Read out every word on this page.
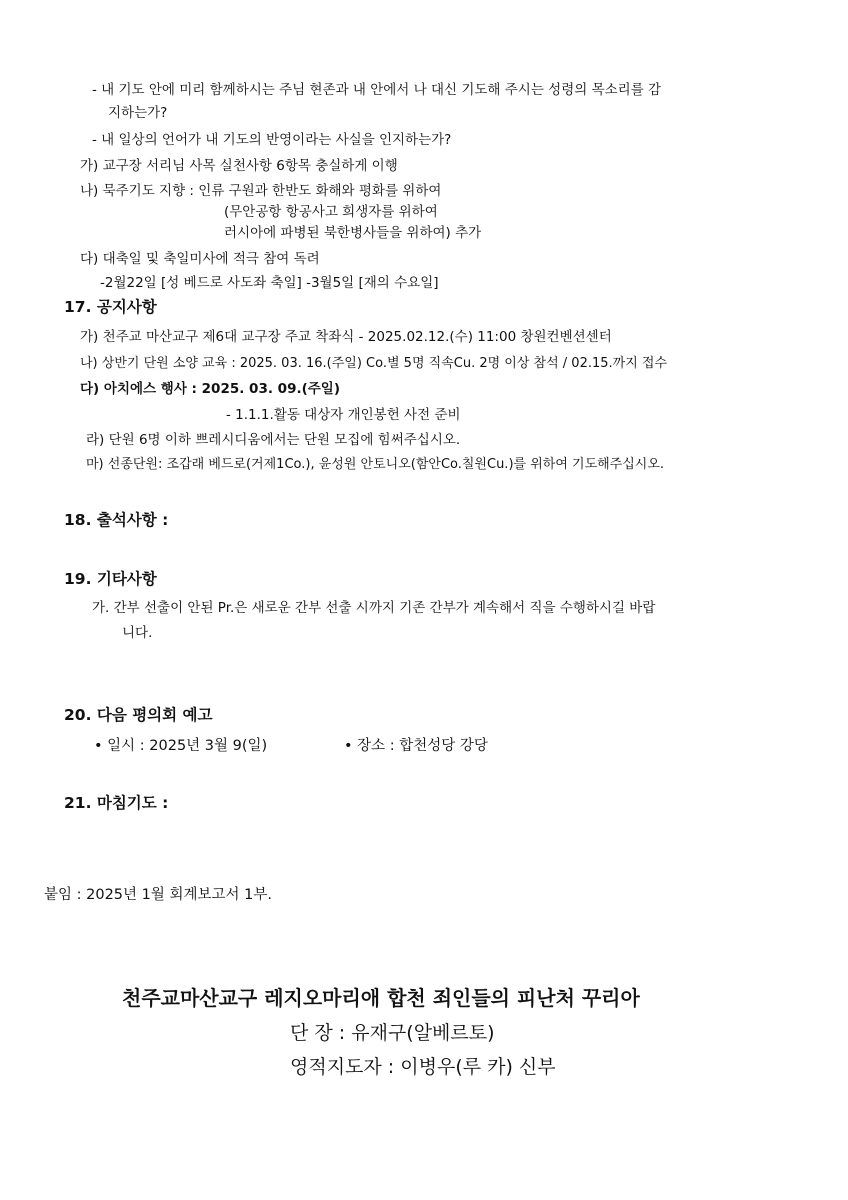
- 내 기도 안에 미리 함께하시는 주님 현존과 내 안에서 나 대신 기도해 주시는 성령의 목소리를 감
지하는가?
- 내 일상의 언어가 내 기도의 반영이라는 사실을 인지하는가?
가) 교구장 서리님 사목 실천사항 6항목 충실하게 이행
나) 묵주기도 지향 : 인류 구원과 한반도 화해와 평화를 위하여
(무안공항 항공사고 희생자를 위하여
러시아에 파병된 북한병사들을 위하여) 추가
다) 대축일 및 축일미사에 적극 참여 독려
-2월22일 [성 베드로 사도좌 축일] -3월5일 [재의 수요일]
17. 공지사항
가) 천주교 마산교구 제6대 교구장 주교 착좌식 - 2025.02.12.(수) 11:00 창원컨벤션센터
나) 상반기 단원 소양 교육 : 2025. 03. 16.(주일) Co.별 5명 직속Cu. 2명 이상 참석 / 02.15.까지 접수
다) 아치에스 행사 : 2025. 03. 09.(주일)
- 1.1.1.활동 대상자 개인봉헌 사전 준비
라) 단원 6명 이하 쁘레시디움에서는 단원 모집에 힘써주십시오.
마) 선종단원: 조갑래 베드로(거제1Co.), 윤성원 안토니오(함안Co.칠원Cu.)를 위하여 기도해주십시오.
18. 출석사항 :
19. 기타사항
가. 간부 선출이 안된 Pr.은 새로운 간부 선출 시까지 기존 간부가 계속해서 직을 수행하시길 바랍
니다.
20. 다음 평의회 예고
• 일시 : 2025년 3월 9(일)	• 장소 : 합천성당 강당
21. 마침기도 :
붙임 : 2025년 1월 회계보고서 1부.
천주교마산교구 레지오마리애 합천 죄인들의 피난처 꾸리아
단 장 : 유재구(알베르토)
영적지도자 : 이병우(루 카) 신부
